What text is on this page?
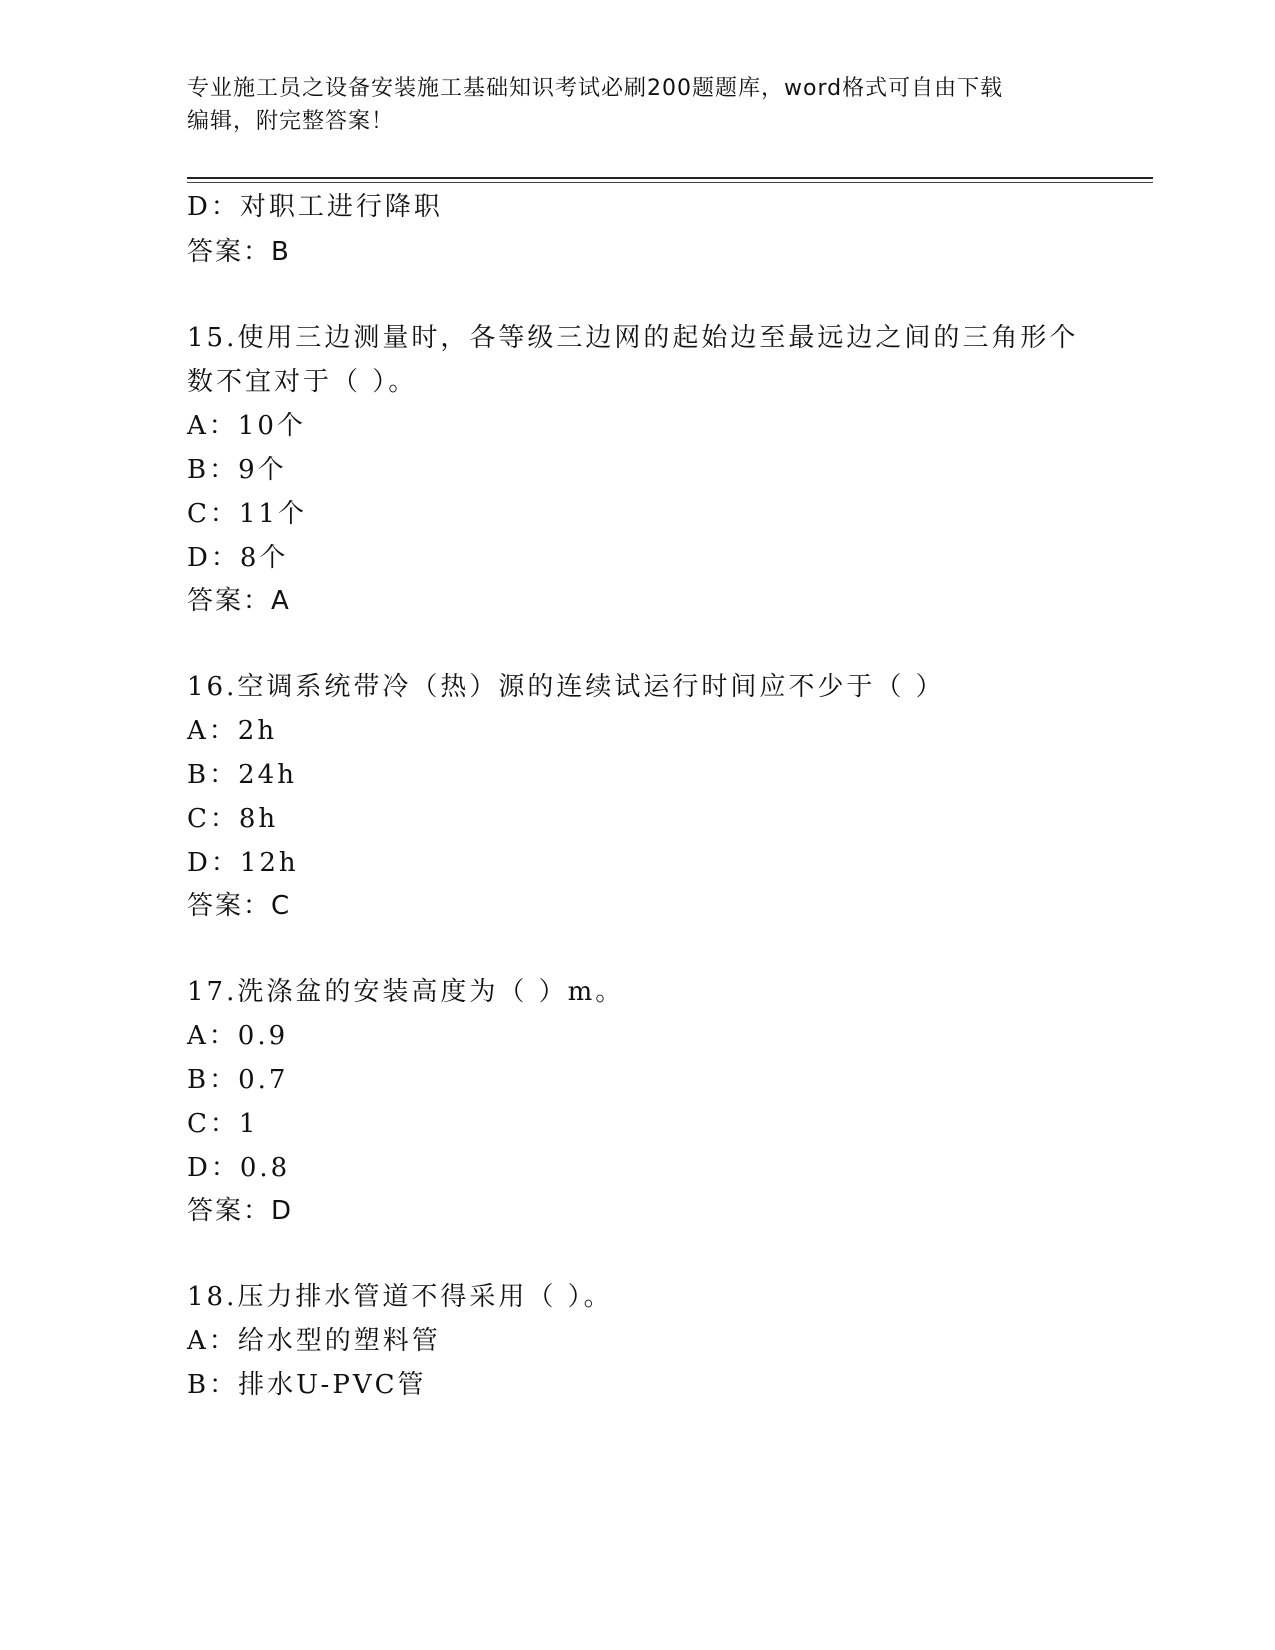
专业施工员之设备安装施工基础知识考试必刷200题题库，word格式可自由下载
编辑，附完整答案！
D：对职工进行降职
答案：B
15.使用三边测量时，各等级三边网的起始边至最远边之间的三角形个
数不宜对于（ ）。
A：10个
B：9个
C：11个
D：8个
答案：A
16.空调系统带冷（热）源的连续试运行时间应不少于（ ）
A：2h
B：24h
C：8h
D：12h
答案：C
17.洗涤盆的安装高度为（ ）m。
A：0.9
B：0.7
C：1
D：0.8
答案：D
18.压力排水管道不得采用（ ）。
A：给水型的塑料管
B：排水U-PVC管
